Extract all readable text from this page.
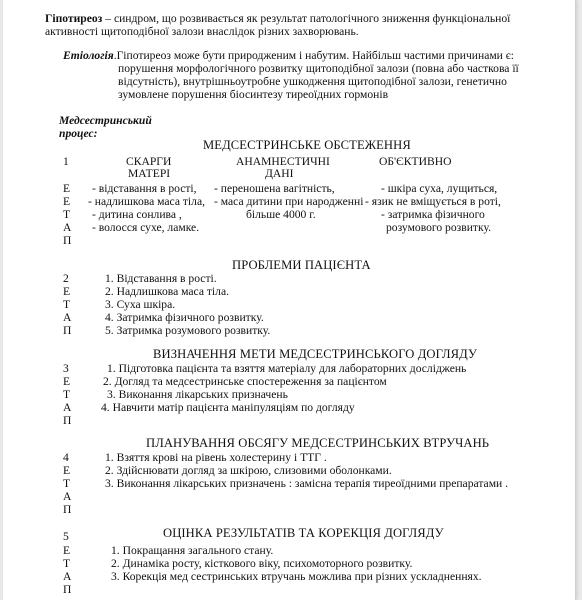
Гіпотиреоз – синдром, що розвивається як результат патологічного зниження функціональної
активності щитоподібної залози внаслідок різних захворювань.
Етіологія.Гіпотиреоз може бути природженим і набутим. Найбільш частими причинами є:
порушення морфологічного розвитку щитоподібної залози (повна або часткова її
відсутність), внутрішньоутробне ушкодження щитоподібної залози, генетично
зумовлене порушення біосинтезу тиреоїдних гормонів
Медсестринський
процес:
МЕДСЕСТРИНСЬКЕ ОБСТЕЖЕННЯ
1	СКАРГИ
МАТЕРІ
АНАМНЕСТИЧНІ
ДАНІ
ОБ'ЄКТИВНО
Е
Е
Т
А
П
- відставання в рості,
- надлишкова маса тіла,
- дитина сонлива ,
- волосся сухе, ламке.
- перенoшена вагітність,
- маса дитини при народженні
більше 4000 г.
- шкіра суха, лущиться,
- язик не вміщується в роті,
- затримка фізичного
розумового розвитку.
ПРОБЛЕМИ ПАЦІЄНТА
2
Е
Т
А
П
1. Відставання в рості.
2. Надлишкова маса тіла.
3. Суха шкіра.
4. Затримка фізичного розвитку.
5. Затримка розумового розвитку.
ВИЗНАЧЕННЯ МЕТИ МЕДСЕСТРИНСЬКОГО ДОГЛЯДУ
3
Е
Т
А
П
1. Підготовка пацієнта та взяття матеріалу для лабораторних досліджень
2. Догляд та медсестринське спостереження за пацієнтом
3. Виконання лікарських призначень
4. Навчити матір пацієнта маніпуляціям по догляду
ПЛАНУВАННЯ ОБСЯГУ МЕДСЕСТРИНСЬКИХ ВТРУЧАНЬ
4
Е
Т
А
П
1. Взяття крові на рівень холестерину і ТТГ .
2. Здійснювати догляд за шкірою, слизовими оболонками.
3. Виконання лікарських призначень : замісна терапія тиреоїдними препаратами .
ОЦІНКА РЕЗУЛЬТАТІВ ТА КОРЕКЦІЯ ДОГЛЯДУ
5
Е
Т
А
П
1. Покращання загального стану.
2. Динаміка росту, кісткового віку, психомоторного розвитку.
3. Корекція мед сестринських втручань можлива при різних ускладненнях.
